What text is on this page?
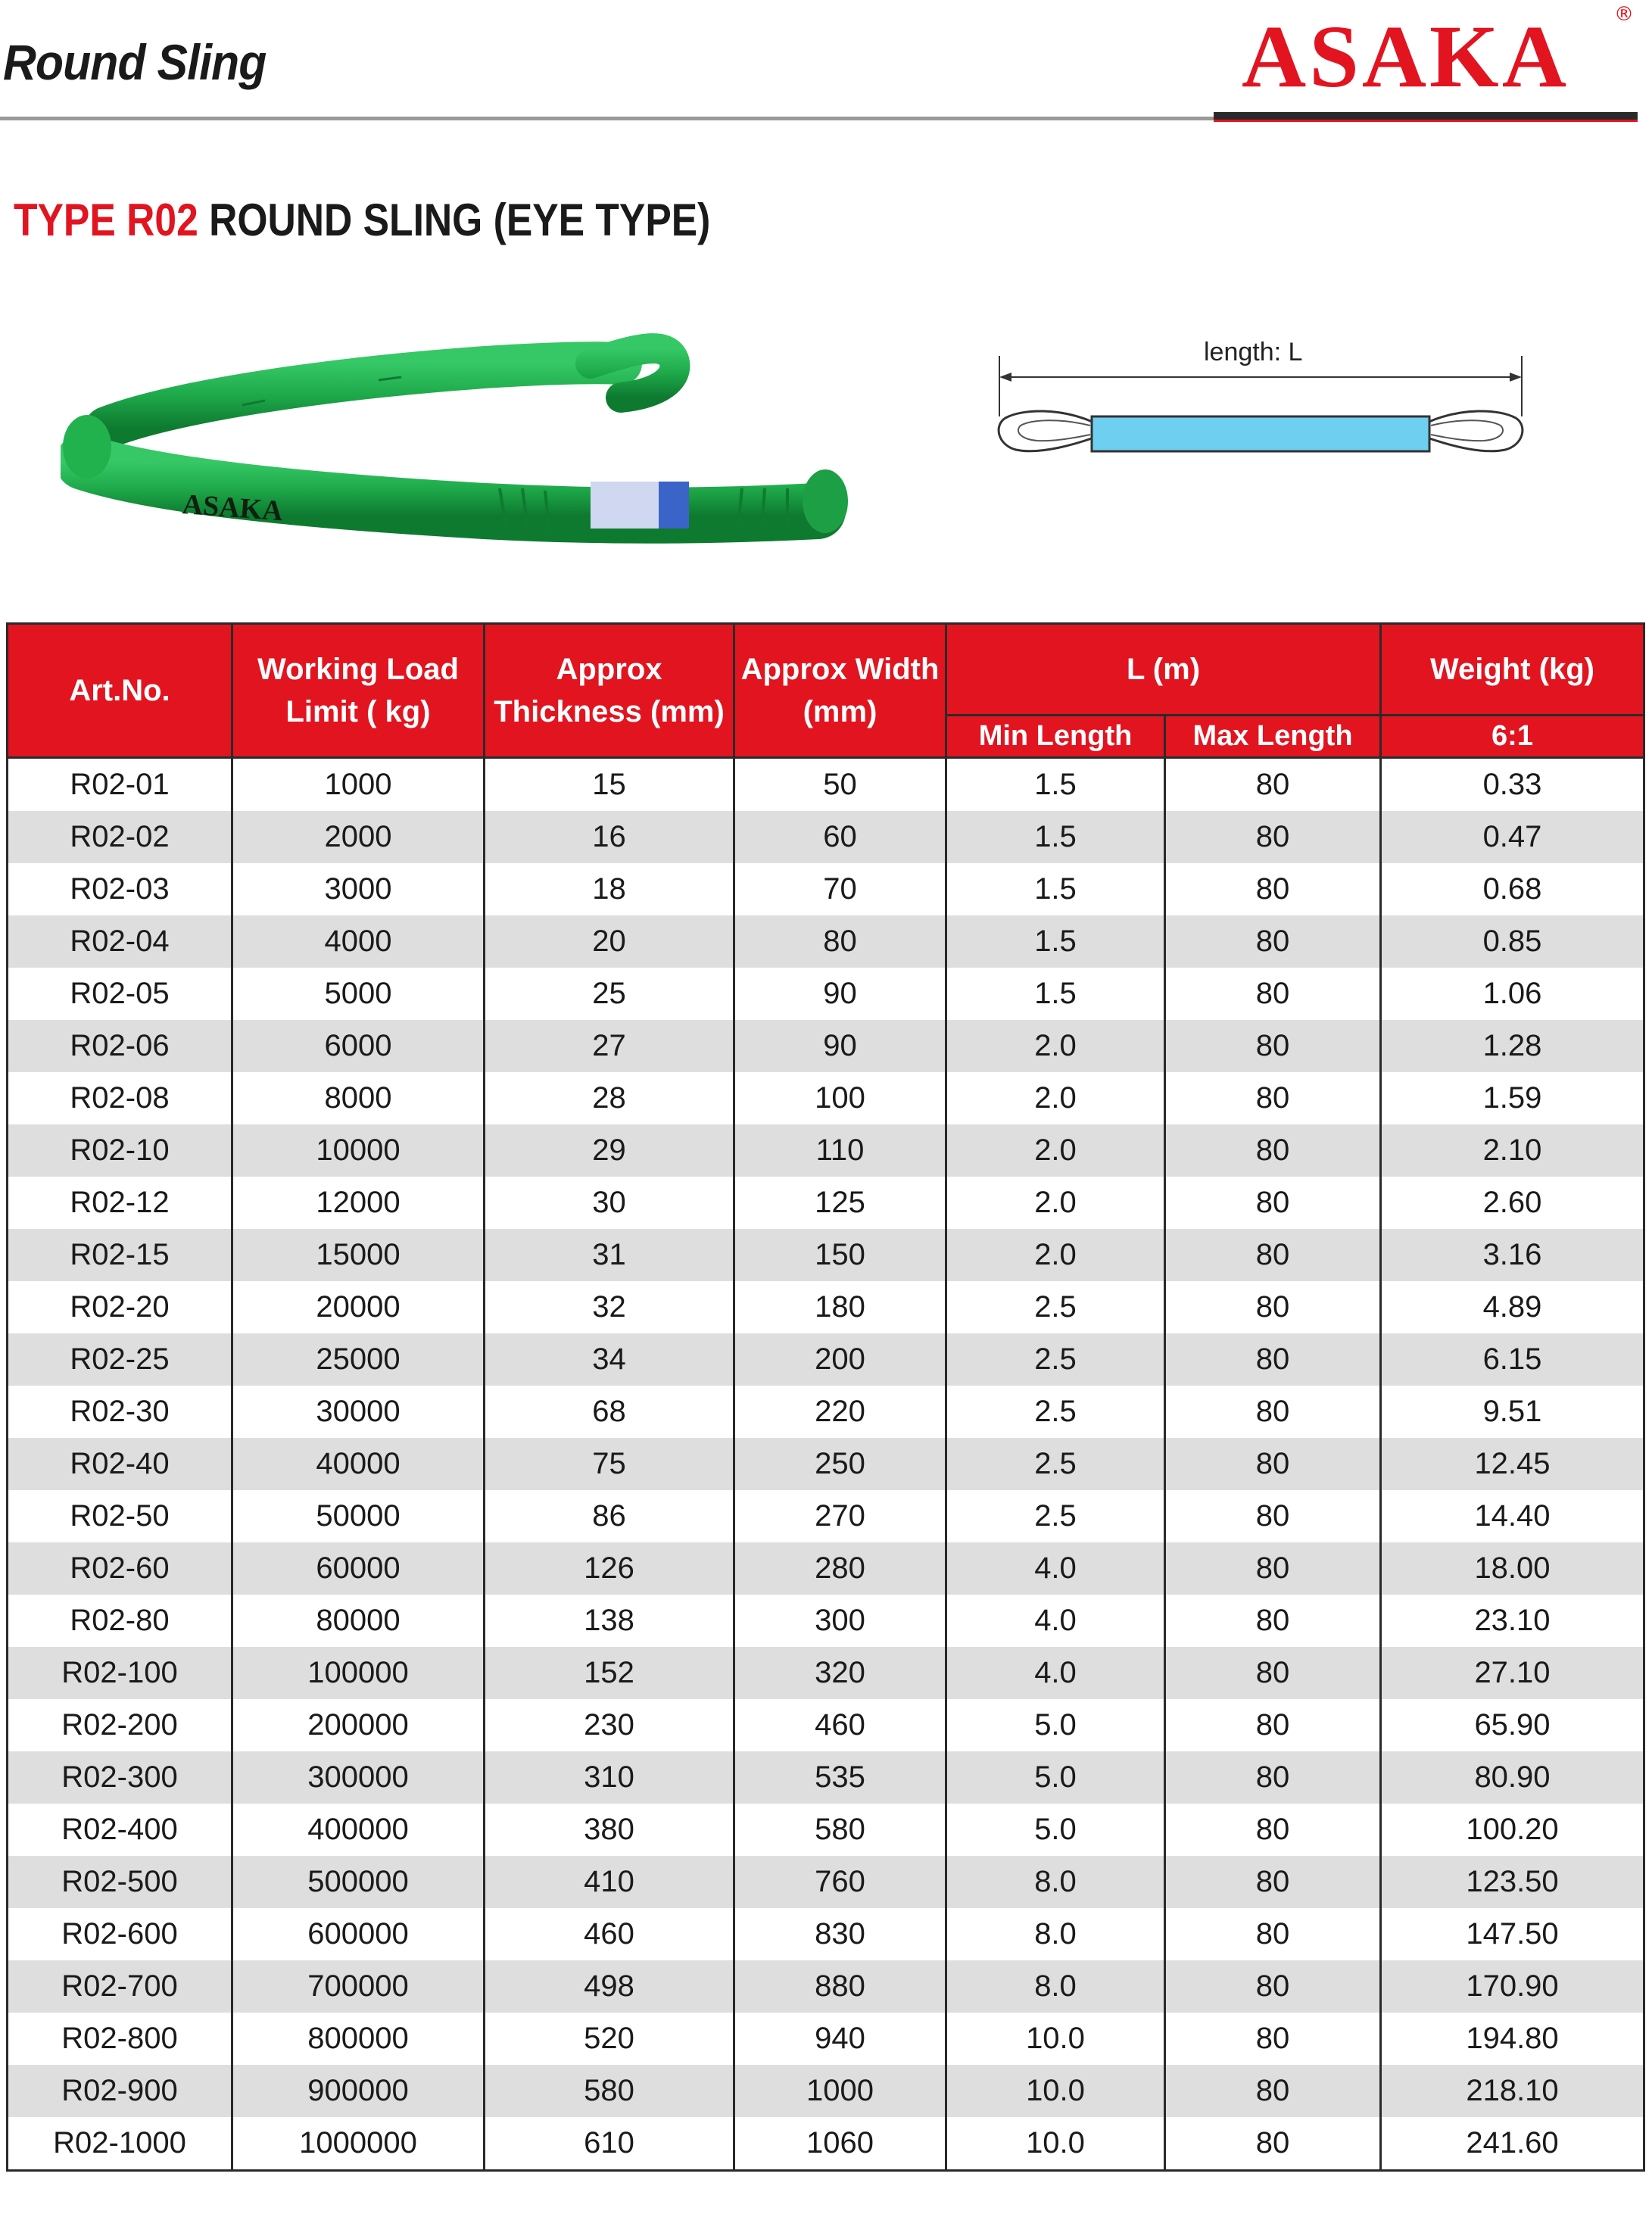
Round Sling	ASAKA ®
TYPE R02 ROUND SLING (EYE TYPE)
ASAKA
length: L
Art.No.	Working Load Limit ( kg)	Approx Thickness (mm)	Approx Width (mm)	L (m)		Weight (kg)
				Min Length	Max Length	6:1
R02-01	1000	15	50	1.5	80	0.33
R02-02	2000	16	60	1.5	80	0.47
R02-03	3000	18	70	1.5	80	0.68
R02-04	4000	20	80	1.5	80	0.85
R02-05	5000	25	90	1.5	80	1.06
R02-06	6000	27	90	2.0	80	1.28
R02-08	8000	28	100	2.0	80	1.59
R02-10	10000	29	110	2.0	80	2.10
R02-12	12000	30	125	2.0	80	2.60
R02-15	15000	31	150	2.0	80	3.16
R02-20	20000	32	180	2.5	80	4.89
R02-25	25000	34	200	2.5	80	6.15
R02-30	30000	68	220	2.5	80	9.51
R02-40	40000	75	250	2.5	80	12.45
R02-50	50000	86	270	2.5	80	14.40
R02-60	60000	126	280	4.0	80	18.00
R02-80	80000	138	300	4.0	80	23.10
R02-100	100000	152	320	4.0	80	27.10
R02-200	200000	230	460	5.0	80	65.90
R02-300	300000	310	535	5.0	80	80.90
R02-400	400000	380	580	5.0	80	100.20
R02-500	500000	410	760	8.0	80	123.50
R02-600	600000	460	830	8.0	80	147.50
R02-700	700000	498	880	8.0	80	170.90
R02-800	800000	520	940	10.0	80	194.80
R02-900	900000	580	1000	10.0	80	218.10
R02-1000	1000000	610	1060	10.0	80	241.60
